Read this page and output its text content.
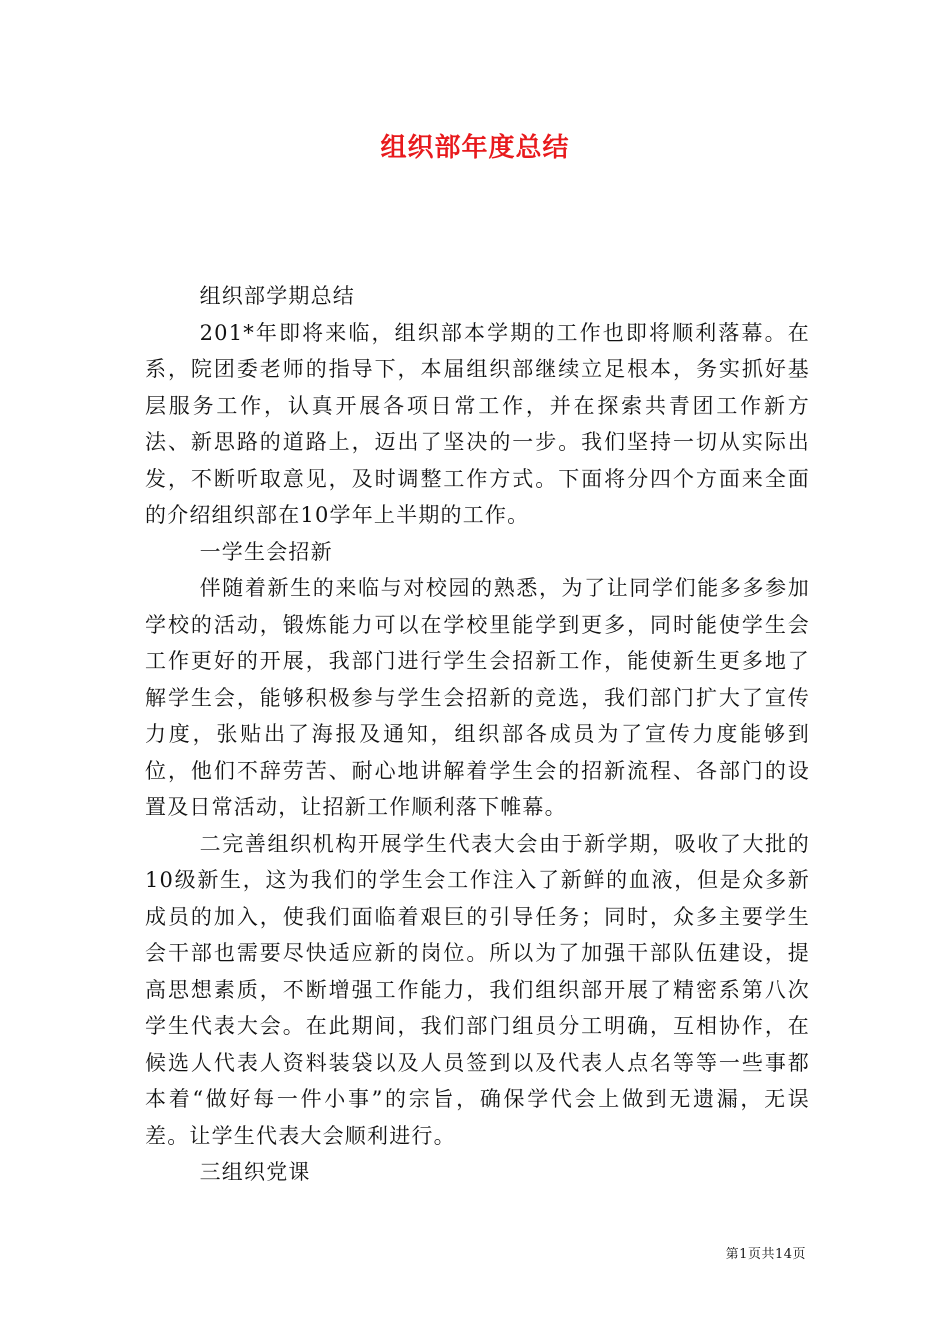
组织部年度总结

组织部学期总结

201*年即将来临，组织部本学期的工作也即将顺利落幕。在系，院团委老师的指导下，本届组织部继续立足根本，务实抓好基层服务工作，认真开展各项日常工作，并在探索共青团工作新方法、新思路的道路上，迈出了坚决的一步。我们坚持一切从实际出发，不断听取意见，及时调整工作方式。下面将分四个方面来全面的介绍组织部在10学年上半期的工作。

一学生会招新

伴随着新生的来临与对校园的熟悉，为了让同学们能多多参加学校的活动，锻炼能力可以在学校里能学到更多，同时能使学生会工作更好的开展，我部门进行学生会招新工作，能使新生更多地了解学生会，能够积极参与学生会招新的竞选，我们部门扩大了宣传力度，张贴出了海报及通知，组织部各成员为了宣传力度能够到位，他们不辞劳苦、耐心地讲解着学生会的招新流程、各部门的设置及日常活动，让招新工作顺利落下帷幕。

二完善组织机构开展学生代表大会由于新学期，吸收了大批的10级新生，这为我们的学生会工作注入了新鲜的血液，但是众多新成员的加入，使我们面临着艰巨的引导任务；同时，众多主要学生会干部也需要尽快适应新的岗位。所以为了加强干部队伍建设，提高思想素质，不断增强工作能力，我们组织部开展了精密系第八次学生代表大会。在此期间，我们部门组员分工明确，互相协作，在候选人代表人资料装袋以及人员签到以及代表人点名等等一些事都本着“做好每一件小事”的宗旨，确保学代会上做到无遗漏，无误差。让学生代表大会顺利进行。

三组织党课

第1页共14页
